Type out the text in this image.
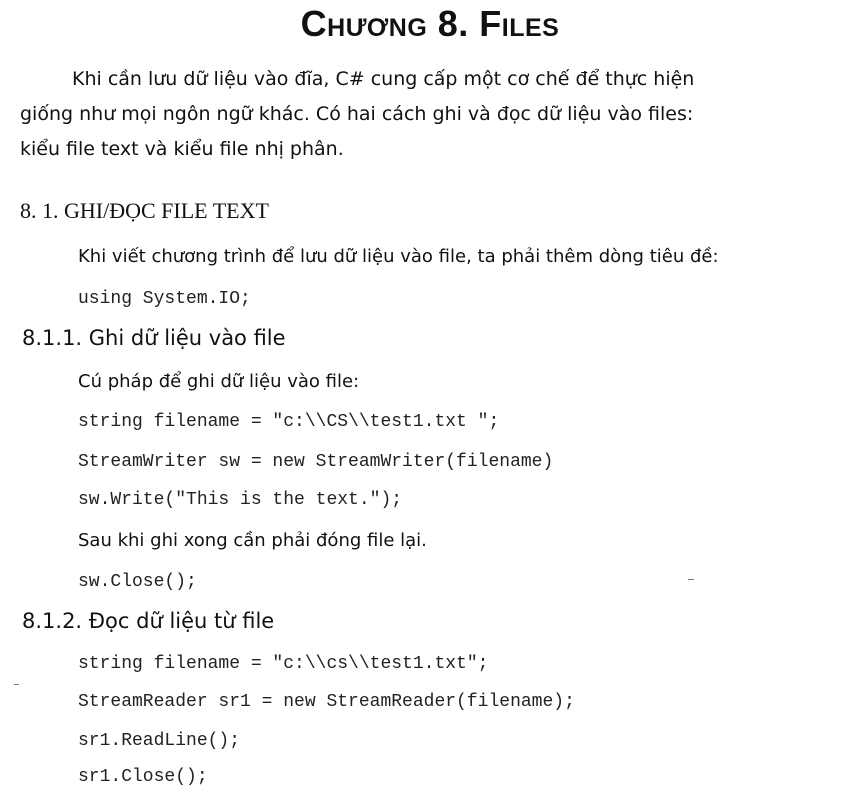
Chương 8. Files
Khi cần lưu dữ liệu vào đĩa, C# cung cấp một cơ chế để thực hiện
giống như mọi ngôn ngữ khác. Có hai cách ghi và đọc dữ liệu vào files:
kiểu file text và kiểu file nhị phân.
8. 1. GHI/ĐỌC FILE TEXT
Khi viết chương trình để lưu dữ liệu vào file, ta phải thêm dòng tiêu đề:
using System.IO;
8.1.1. Ghi dữ liệu vào file
Cú pháp để ghi dữ liệu vào file:
string filename = "c:\\CS\\test1.txt ";
StreamWriter sw = new StreamWriter(filename)
sw.Write("This is the text.");
Sau khi ghi xong cần phải đóng file lại.
sw.Close();
8.1.2. Đọc dữ liệu từ file
string filename = "c:\\cs\\test1.txt";
StreamReader sr1 = new StreamReader(filename);
sr1.ReadLine();
sr1.Close();
